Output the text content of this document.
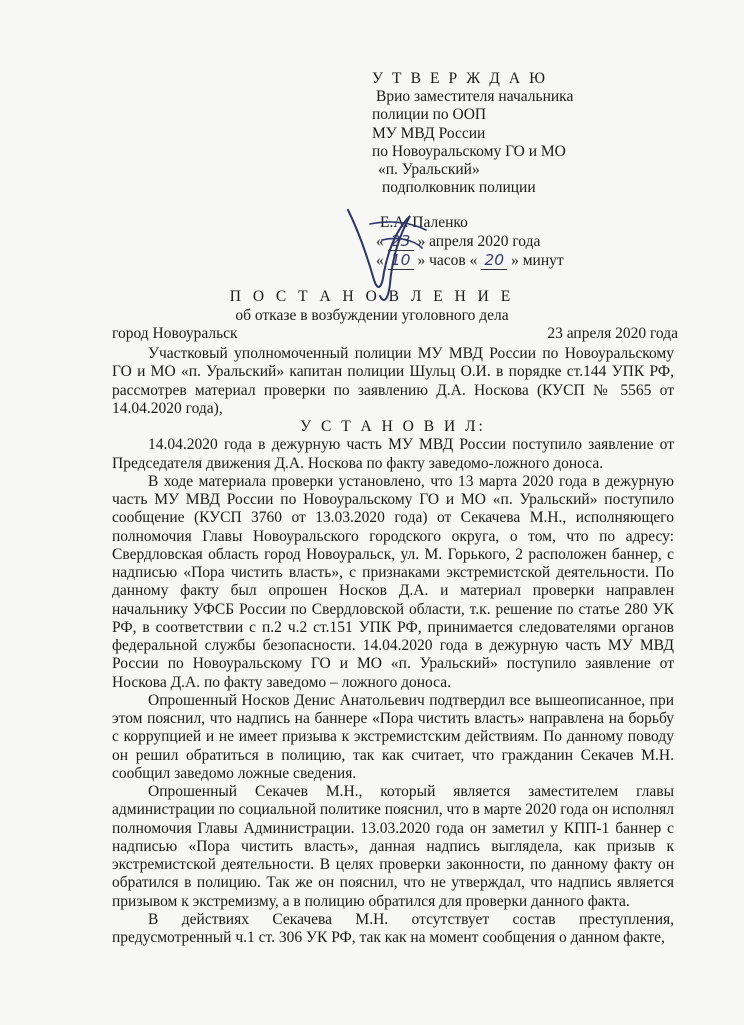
У Т В Е Р Ж Д А Ю
Врио заместителя начальника
полиции по ООП
МУ МВД России
по Новоуральскому ГО и МО
«п. Уральский»
подполковник полиции
Е.А. Паленко
« 23 » апреля 2020 года
« 10 » часов « 20 » минут
П О С Т А Н О В Л Е Н И Е
об отказе в возбуждении уголовного дела
город Новоуральск	23 апреля 2020 года

Участковый уполномоченный полиции МУ МВД России по Новоуральскому ГО и МО «п. Уральский» капитан полиции Шульц О.И. в порядке ст.144 УПК РФ, рассмотрев материал проверки по заявлению Д.А. Носкова (КУСП № 5565 от 14.04.2020 года),

У С Т А Н О В И Л:

14.04.2020 года в дежурную часть МУ МВД России поступило заявление от Председателя движения Д.А. Носкова по факту заведомо-ложного доноса.

В ходе материала проверки установлено, что 13 марта 2020 года в дежурную часть МУ МВД России по Новоуральскому ГО и МО «п. Уральский» поступило сообщение (КУСП 3760 от 13.03.2020 года) от Секачева М.Н., исполняющего полномочия Главы Новоуральского городского округа, о том, что по адресу: Свердловская область город Новоуральск, ул. М. Горького, 2 расположен баннер, с надписью «Пора чистить власть», с признаками экстремистской деятельности. По данному факту был опрошен Носков Д.А. и материал проверки направлен начальнику УФСБ России по Свердловской области, т.к. решение по статье 280 УК РФ, в соответствии с п.2 ч.2 ст.151 УПК РФ, принимается следователями органов федеральной службы безопасности. 14.04.2020 года в дежурную часть МУ МВД России по Новоуральскому ГО и МО «п. Уральский» поступило заявление от Носкова Д.А. по факту заведомо – ложного доноса.

Опрошенный Носков Денис Анатольевич подтвердил все вышеописанное, при этом пояснил, что надпись на баннере «Пора чистить власть» направлена на борьбу с коррупцией и не имеет призыва к экстремистским действиям. По данному поводу он решил обратиться в полицию, так как считает, что гражданин Секачев М.Н. сообщил заведомо ложные сведения.

Опрошенный Секачев М.Н., который является заместителем главы администрации по социальной политике пояснил, что в марте 2020 года он исполнял полномочия Главы Администрации. 13.03.2020 года он заметил у КПП-1 баннер с надписью «Пора чистить власть», данная надпись выглядела, как призыв к экстремистской деятельности. В целях проверки законности, по данному факту он обратился в полицию. Так же он пояснил, что не утверждал, что надпись является призывом к экстремизму, а в полицию обратился для проверки данного факта.

В действиях Секачева М.Н. отсутствует состав преступления, предусмотренный ч.1 ст. 306 УК РФ, так как на момент сообщения о данном факте,
